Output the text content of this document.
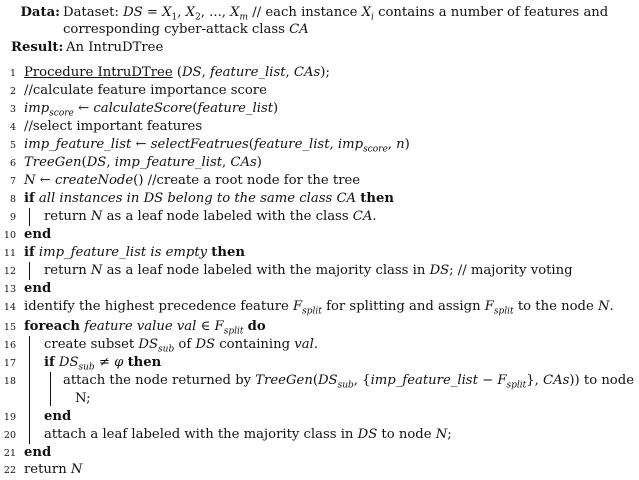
Data: Dataset: DS = $X_1$, $X_2$, ..., $X_m$ // each instance $X_i$ contains a number of features and
corresponding cyber-attack class CA
Result: An IntruDTree
1 Procedure IntruDTree (DS, feature_list, CAs);
2 //calculate feature importance score
3 imp$_{score}$ ← calculateScore(feature_list)
4 //select important features
5 imp_feature_list ← selectFeatrues(feature_list, imp$_{score}$, n)
6 TreeGen(DS, imp_feature_list, CAs)
7 N ← createNode() //create a root node for the tree
8 if all instances in DS belong to the same class CA then
9 return N as a leaf node labeled with the class CA.
10 end
11 if imp_feature_list is empty then
12 return N as a leaf node labeled with the majority class in DS; // majority voting
13 end
14 identify the highest precedence feature $F_{split}$ for splitting and assign $F_{split}$ to the node N.
15 foreach feature value val ∈ $F_{split}$ do
16 create subset $DS_{sub}$ of DS containing val.
17 if $DS_{sub} \ne \varphi$ then
18	attach the node returned by $TreeGen(DS_{sub}$, {imp_feature_list − $F_{split}$}, CAs)) to node
N;
19 end
20 attach a leaf labeled with the majority class in DS to node N;
21 end
22 return N
